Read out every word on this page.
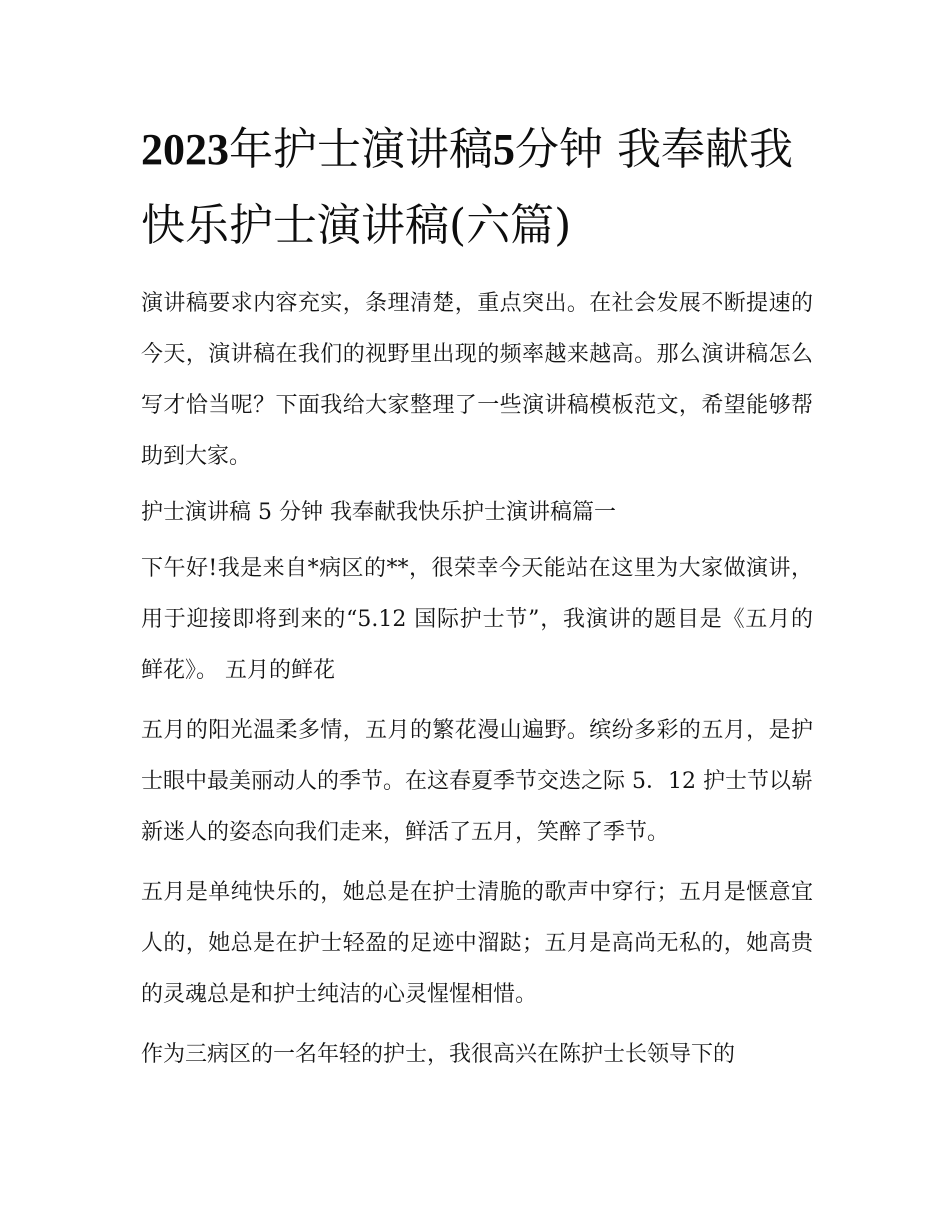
2023年护士演讲稿5分钟 我奉献我快乐护士演讲稿(六篇)

演讲稿要求内容充实，条理清楚，重点突出。在社会发展不断提速的今天，演讲稿在我们的视野里出现的频率越来越高。那么演讲稿怎么写才恰当呢？下面我给大家整理了一些演讲稿模板范文，希望能够帮助到大家。

护士演讲稿 5 分钟 我奉献我快乐护士演讲稿篇一

下午好!我是来自*病区的**，很荣幸今天能站在这里为大家做演讲，用于迎接即将到来的“5.12 国际护士节”，我演讲的题目是《五月的鲜花》。 五月的鲜花

五月的阳光温柔多情，五月的繁花漫山遍野。缤纷多彩的五月，是护士眼中最美丽动人的季节。在这春夏季节交迭之际 5．12 护士节以崭新迷人的姿态向我们走来，鲜活了五月，笑醉了季节。

五月是单纯快乐的，她总是在护士清脆的歌声中穿行；五月是惬意宜人的，她总是在护士轻盈的足迹中溜跶；五月是高尚无私的，她高贵的灵魂总是和护士纯洁的心灵惺惺相惜。

作为三病区的一名年轻的护士，我很高兴在陈护士长领导下的
